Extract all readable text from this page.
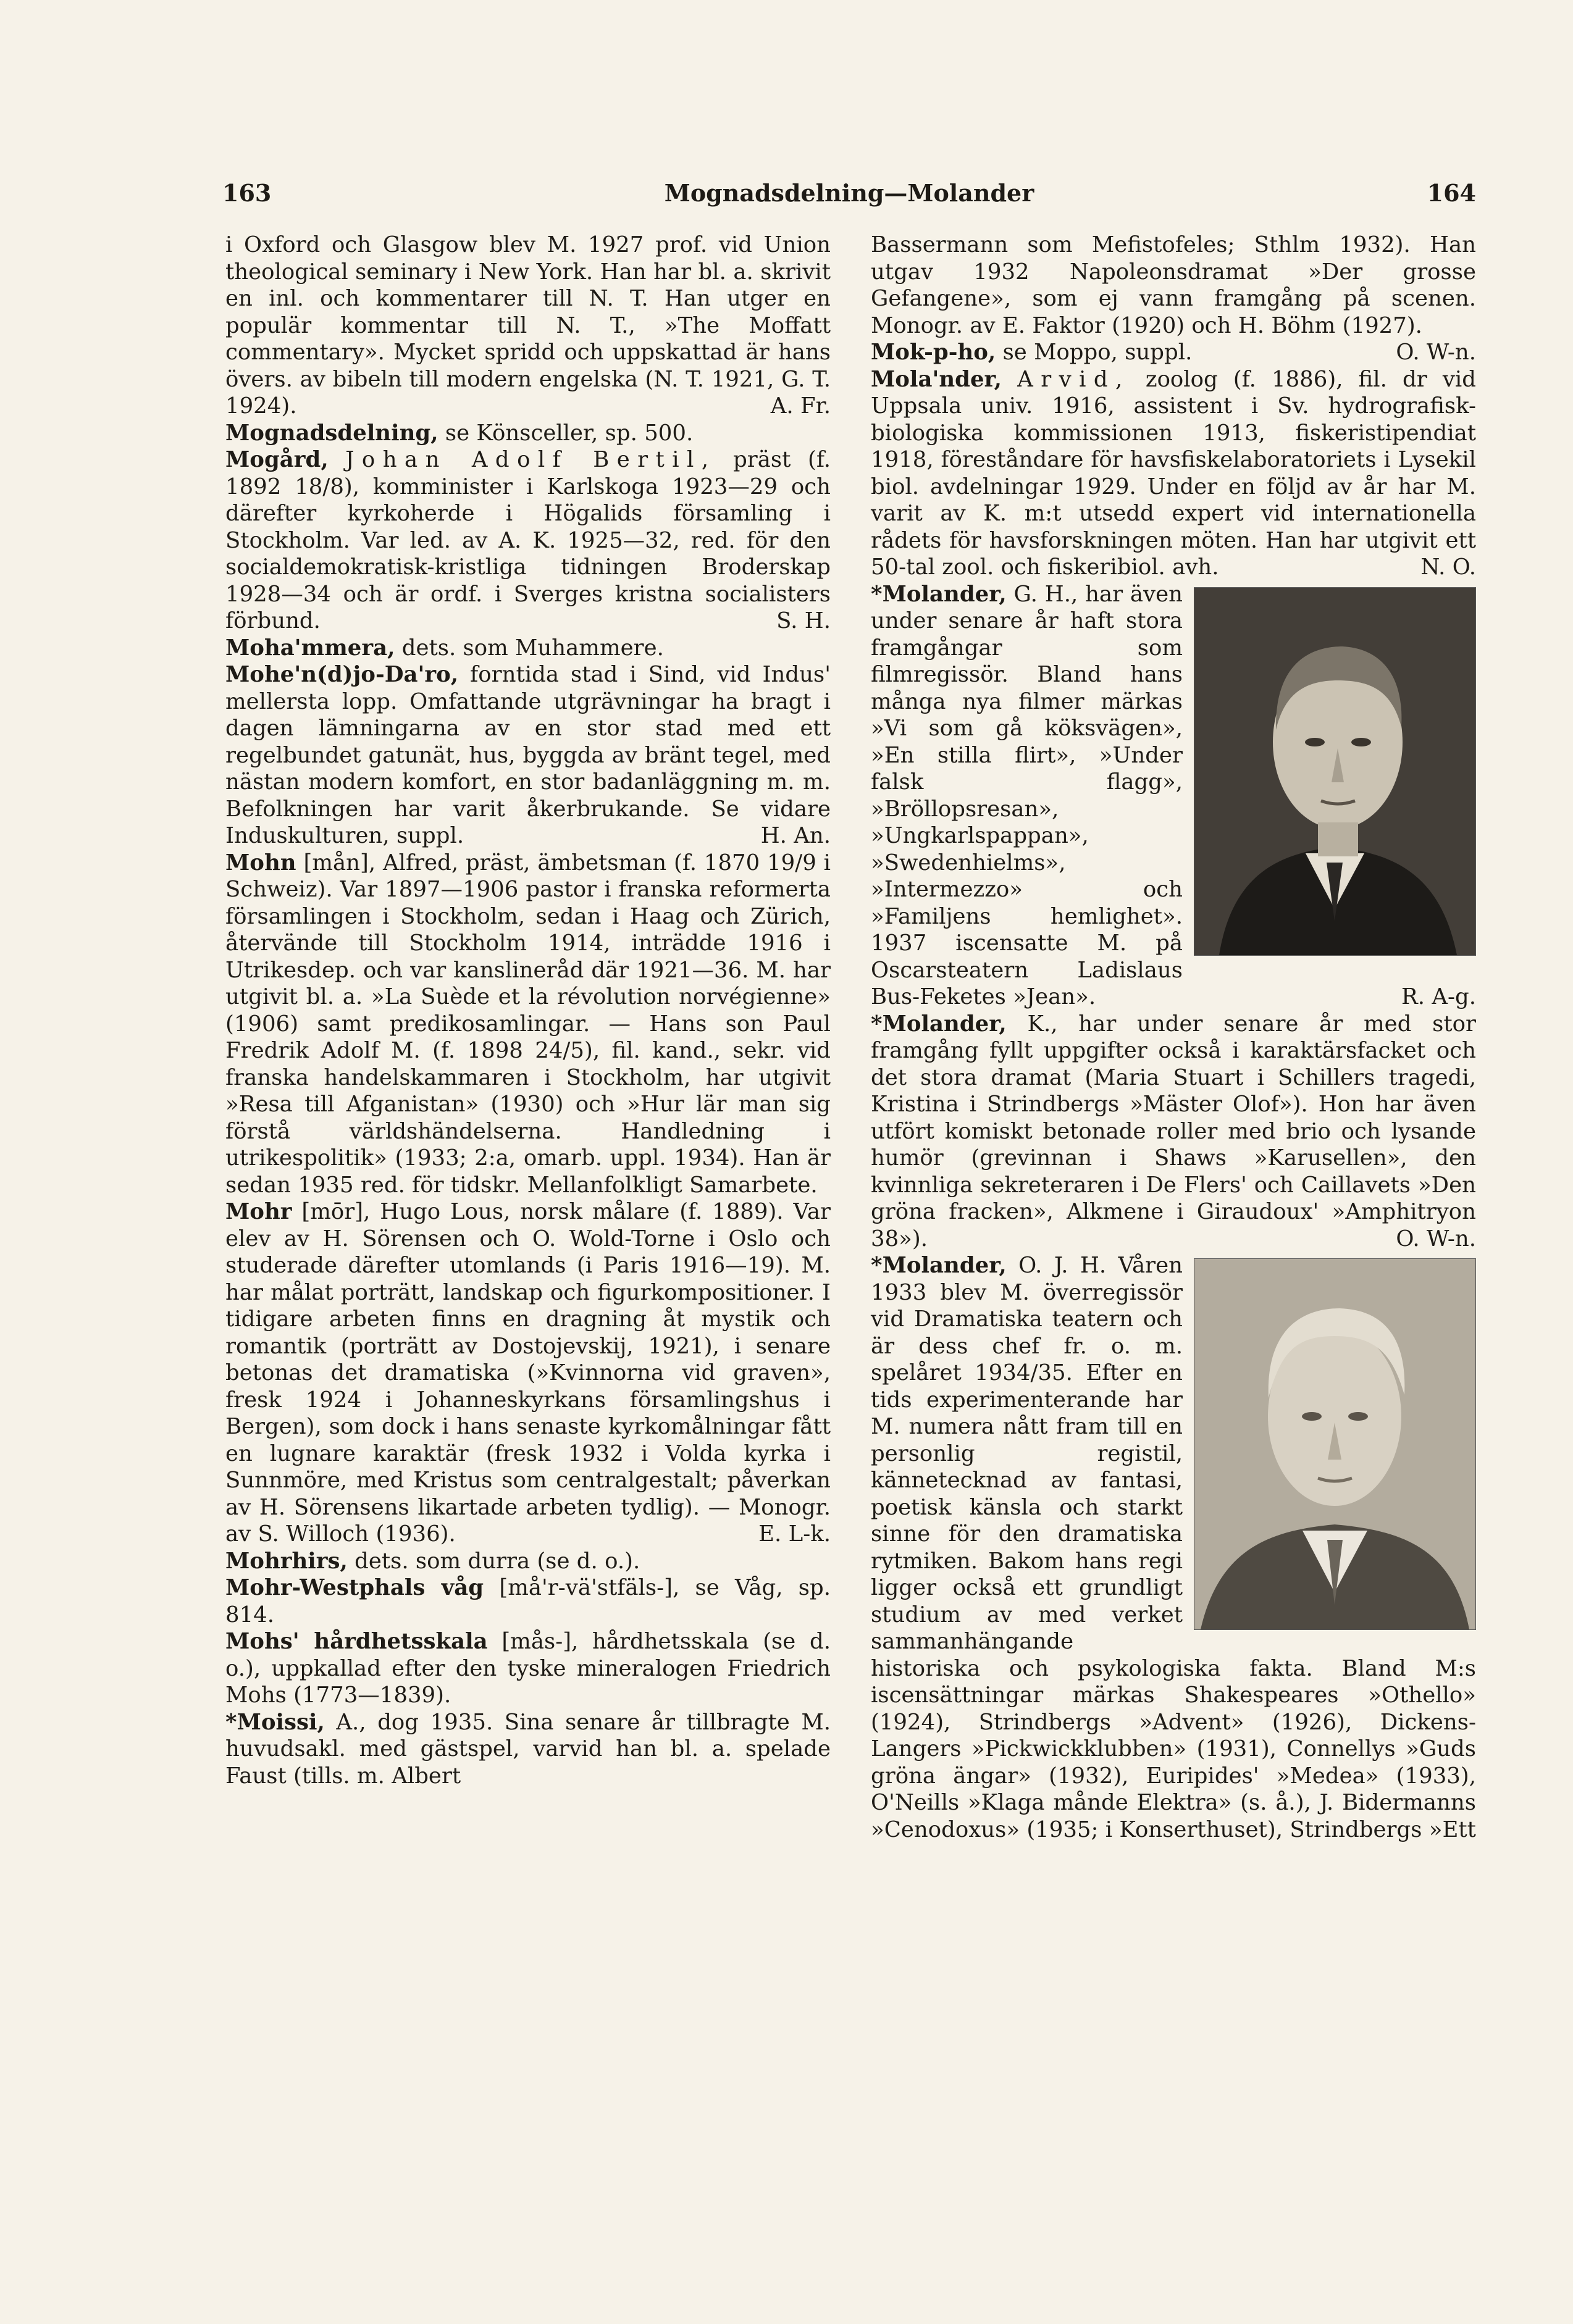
163	Mognadsdelning—Molander	164

i Oxford och Glasgow blev M. 1927 prof. vid Union theological seminary i New York. Han har bl. a. skrivit en inl. och kommentarer till N. T. Han utger en populär kommentar till N. T., »The Moffatt commentary». Mycket spridd och uppskattad är hans övers. av bibeln till modern engelska (N. T. 1921, G. T. 1924).	A. Fr.

Mognadsdelning, se Könsceller, sp. 500.

Mogård, Johan Adolf Bertil, präst (f. 1892 18/8), komminister i Karlskoga 1923—29 och därefter kyrkoherde i Högalids församling i Stockholm. Var led. av A. K. 1925—32, red. för den socialdemokratisk-kristliga tidningen Broderskap 1928—34 och är ordf. i Sverges kristna socialisters förbund.	S. H.

Moha'mmera, dets. som Muhammere.

Mohe'n(d)jo-Da'ro, forntida stad i Sind, vid Indus' mellersta lopp. Omfattande utgrävningar ha bragt i dagen lämningarna av en stor stad med ett regelbundet gatunät, hus, byggda av bränt tegel, med nästan modern komfort, en stor badanläggning m. m. Befolkningen har varit åkerbrukande. Se vidare Induskulturen, suppl.	H. An.

Mohn [mån], Alfred, präst, ämbetsman (f. 1870 19/9 i Schweiz). Var 1897—1906 pastor i franska reformerta församlingen i Stockholm, sedan i Haag och Zürich, återvände till Stockholm 1914, inträdde 1916 i Utrikesdep. och var kanslineråd där 1921—36. M. har utgivit bl. a. »La Suède et la révolution norvégienne» (1906) samt predikosamlingar. — Hans son Paul Fredrik Adolf M. (f. 1898 24/5), fil. kand., sekr. vid franska handelskammaren i Stockholm, har utgivit »Resa till Afganistan» (1930) och »Hur lär man sig förstå världshändelserna. Handledning i utrikespolitik» (1933; 2:a, omarb. uppl. 1934). Han är sedan 1935 red. för tidskr. Mellanfolkligt Samarbete.

Mohr [mōr], Hugo Lous, norsk målare (f. 1889). Var elev av H. Sörensen och O. Wold-Torne i Oslo och studerade därefter utomlands (i Paris 1916—19). M. har målat porträtt, landskap och figurkompositioner. I tidigare arbeten finns en dragning åt mystik och romantik (porträtt av Dostojevskij, 1921), i senare betonas det dramatiska (»Kvinnorna vid graven», fresk 1924 i Johanneskyrkans församlingshus i Bergen), som dock i hans senaste kyrkomålningar fått en lugnare karaktär (fresk 1932 i Volda kyrka i Sunnmöre, med Kristus som centralgestalt; påverkan av H. Sörensens likartade arbeten tydlig). — Monogr. av S. Willoch (1936).	E. L-k.

Mohrhirs, dets. som durra (se d. o.).

Mohr-Westphals våg [må'r-vä'stfäls-], se Våg, sp. 814.

Mohs' hårdhetsskala [mås-], hårdhetsskala (se d. o.), uppkallad efter den tyske mineralogen Friedrich Mohs (1773—1839).

*Moissi, A., dog 1935. Sina senare år tillbragte M. huvudsakl. med gästspel, varvid han bl. a. spelade Faust (tills. m. Albert

Bassermann som Mefistofeles; Sthlm 1932). Han utgav 1932 Napoleonsdramat »Der grosse Gefangene», som ej vann framgång på scenen. Monogr. av E. Faktor (1920) och H. Böhm (1927).
O. W-n.

Mok-p-ho, se Moppo, suppl.

Mola'nder, Arvid, zoolog (f. 1886), fil. dr vid Uppsala univ. 1916, assistent i Sv. hydrografisk-biologiska kommissionen 1913, fiskeristipendiat 1918, föreståndare för havsfiskelaboratoriets i Lysekil biol. avdelningar 1929. Under en följd av år har M. varit av K. m:t utsedd expert vid internationella rådets för havsforskningen möten. Han har utgivit ett 50-tal zool. och fiskeribiol. avh.	N. O.

*Molander, G. H., har även under senare år haft stora framgångar som filmregissör. Bland hans många nya filmer märkas »Vi som gå köksvägen», »En stilla flirt», »Under falsk flagg», »Bröllopsresan», »Ungkarlspappan», »Swedenhielms», »Intermezzo» och »Familjens hemlighet». 1937 iscensatte M. på Oscarsteatern Ladislaus Bus-Feketes »Jean».	R. A-g.

*Molander, K., har under senare år med stor framgång fyllt uppgifter också i karaktärsfacket och det stora dramat (Maria Stuart i Schillers tragedi, Kristina i Strindbergs »Mäster Olof»). Hon har även utfört komiskt betonade roller med brio och lysande humör (grevinnan i Shaws »Karusellen», den kvinnliga sekreteraren i De Flers' och Caillavets »Den gröna fracken», Alkmene i Giraudoux' »Amphitryon 38»).	O. W-n.

*Molander, O. J. H. Våren 1933 blev M. överregissör vid Dramatiska teatern och är dess chef fr. o. m. spelåret 1934/35. Efter en tids experimenterande har M. numera nått fram till en personlig registil, kännetecknad av fantasi, poetisk känsla och starkt sinne för den dramatiska rytmiken. Bakom hans regi ligger också ett grundligt studium av med verket sammanhängande historiska och psykologiska fakta. Bland M:s iscensättningar märkas Shakespeares »Othello» (1924), Strindbergs »Advent» (1926), Dickens-Langers »Pickwickklubben» (1931), Connellys »Guds gröna ängar» (1932), Euripides' »Medea» (1933), O'Neills »Klaga månde Elektra» (s. å.), J. Bidermanns »Cenodoxus» (1935; i Konserthuset), Strindbergs »Ett
